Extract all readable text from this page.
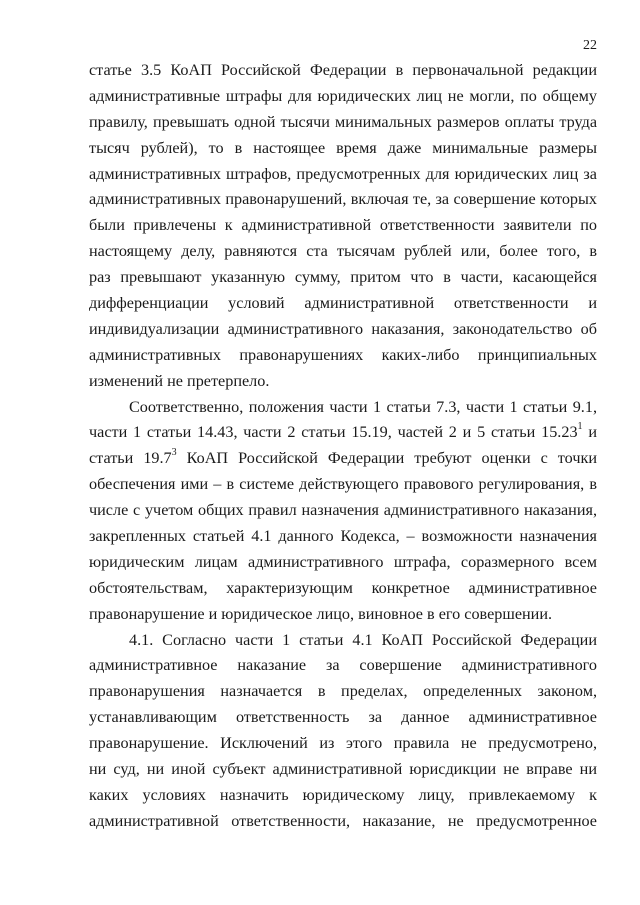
22
статье 3.5 КоАП Российской Федерации в первоначальной редакции
административные штрафы для юридических лиц не могли, по общему
правилу, превышать одной тысячи минимальных размеров оплаты труда
тысяч рублей), то в настоящее время даже минимальные размеры
административных штрафов, предусмотренных для юридических лиц за
административных правонарушений, включая те, за совершение которых
были привлечены к административной ответственности заявители по
настоящему делу, равняются ста тысячам рублей или, более того, в
раз превышают указанную сумму, притом что в части, касающейся
дифференциации условий административной ответственности и
индивидуализации административного наказания, законодательство об
административных правонарушениях каких-либо принципиальных
изменений не претерпело.
Соответственно, положения части 1 статьи 7.3, части 1 статьи 9.1,
части 1 статьи 14.43, части 2 статьи 15.19, частей 2 и 5 статьи 15.23$^1$ и
статьи 19.7$^3$ КоАП Российской Федерации требуют оценки с точки
обеспечения ими – в системе действующего правового регулирования, в
числе с учетом общих правил назначения административного наказания,
закрепленных статьей 4.1 данного Кодекса, – возможности назначения
юридическим лицам административного штрафа, соразмерного всем
обстоятельствам, характеризующим конкретное административное
правонарушение и юридическое лицо, виновное в его совершении.
4.1. Согласно части 1 статьи 4.1 КоАП Российской Федерации
административное наказание за совершение административного
правонарушения назначается в пределах, определенных законом,
устанавливающим ответственность за данное административное
правонарушение. Исключений из этого правила не предусмотрено,
ни суд, ни иной субъект административной юрисдикции не вправе ни
каких условиях назначить юридическому лицу, привлекаемому к
административной ответственности, наказание, не предусмотренное
